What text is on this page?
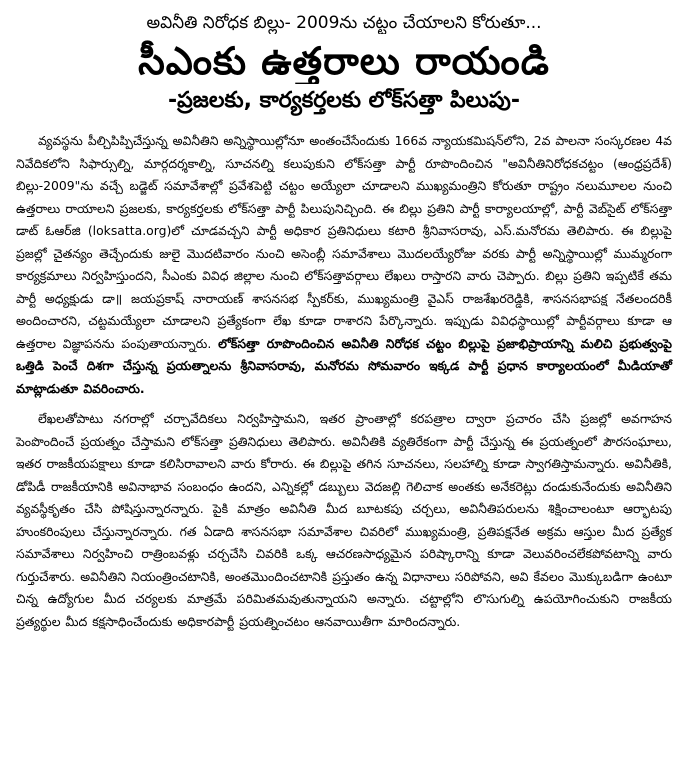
అవినీతి నిరోధక బిల్లు- 2009ను చట్టం చేయాలని కోరుతూ...
సీఎంకు ఉత్తరాలు రాయండి
-ప్రజలకు, కార్యకర్తలకు లోక్‌సత్తా పిలుపు-

వ్యవస్థను పీల్చిపిప్పిచేస్తున్న అవినీతిని అన్నిస్థాయిల్లోనూ అంతంచేసేందుకు 166వ న్యాయకమిషన్‌లోని, 2వ పాలనా సంస్కరణల 4వ నివేదికలోని సిఫార్సుల్ని, మార్గదర్శకాల్ని, సూచనల్ని కలుపుకుని లోక్‌సత్తా పార్టీ రూపొందించిన "అవినీతినిరోధకచట్టం (ఆంధ్రప్రదేశ్) బిల్లు-2009"ను వచ్చే బడ్జెట్ సమావేశాల్లో ప్రవేశపెట్టి చట్టం అయ్యేలా చూడాలని ముఖ్యమంత్రిని కోరుతూ రాష్ట్రం నలుమూలల నుంచి ఉత్తరాలు రాయాలని ప్రజలకు, కార్యకర్తలకు లోక్‌సత్తా పార్టీ పిలుపునిచ్చింది. ఈ బిల్లు ప్రతిని పార్టీ కార్యాలయాల్లో, పార్టీ వెబ్‌సైట్ లోక్‌సత్తా డాట్ ఓఆర్‌జి (loksatta.org)లో చూడవచ్చని పార్టీ అధికార ప్రతినిధులు కటారి శ్రీనివాసరావు, ఎస్.మనోరమ తెలిపారు. ఈ బిల్లుపై ప్రజల్లో చైతన్యం తెచ్చేందుకు జులై మొదటివారం నుంచి అసెంబ్లీ సమావేశాలు మొదలయ్యేరోజు వరకు పార్టీ అన్నిస్థాయిల్లో ముమ్మరంగా కార్యక్రమాలు నిర్వహిస్తుందని, సీఎంకు వివిధ జిల్లాల నుంచి లోక్‌సత్తావర్గాలు లేఖలు రాస్తారని వారు చెప్పారు. బిల్లు ప్రతిని ఇప్పటికే తమ పార్టీ అధ్యక్షుడు డా॥ జయప్రకాష్ నారాయణ్ శాసనసభ స్పీకర్‌కు, ముఖ్యమంత్రి వైఎస్ రాజశేఖరరెడ్డికి, శాసనసభాపక్ష నేతలందరికీ అందించారని, చట్టమయ్యేలా చూడాలని ప్రత్యేకంగా లేఖ కూడా రాశారని పేర్కొన్నారు. ఇప్పుడు వివిధస్థాయిల్లో పార్టీవర్గాలు కూడా ఆ ఉత్తరాల విజ్ఞాపనను పంపుతాయన్నారు. లోక్‌సత్తా రూపొందించిన అవినీతి నిరోధక చట్టం బిల్లుపై ప్రజాభిప్రాయాన్ని మలిచి ప్రభుత్వంపై ఒత్తిడి పెంచే దిశగా చేస్తున్న ప్రయత్నాలను శ్రీనివాసరావు, మనోరమ సోమవారం ఇక్కడ పార్టీ ప్రధాన కార్యాలయంలో మీడియాతో మాట్లాడుతూ వివరించారు.

లేఖలతోపాటు నగరాల్లో చర్చావేదికలు నిర్వహిస్తామని, ఇతర ప్రాంతాల్లో కరపత్రాల ద్వారా ప్రచారం చేసి ప్రజల్లో అవగాహన పెంపొందించే ప్రయత్నం చేస్తామని లోక్‌సత్తా ప్రతినిధులు తెలిపారు. అవినీతికి వ్యతిరేకంగా పార్టీ చేస్తున్న ఈ ప్రయత్నంలో పౌరసంఘాలు, ఇతర రాజకీయపక్షాలు కూడా కలిసిరావాలని వారు కోరారు. ఈ బిల్లుపై తగిన సూచనలు, సలహాల్ని కూడా స్వాగతిస్తామన్నారు. అవినీతికి, డోపిడీ రాజకీయానికి అవినాభావ సంబంధం ఉందని, ఎన్నికల్లో డబ్బులు వెదజల్లి గెలిచాక అంతకు అనేకరెట్లు దండుకునేందుకు అవినీతిని వ్యవస్థీకృతం చేసి పోషిస్తున్నారన్నారు. పైకి మాత్రం అవినీతి మీద బూటకపు చర్చలు, అవినీతిపరులను శిక్షించాలంటూ ఆర్భాటపు హుంకరింపులు చేస్తున్నారన్నారు. గత ఏడాది శాసనసభా సమావేశాల చివరిలో ముఖ్యమంత్రి, ప్రతిపక్షనేత అక్రమ ఆస్తుల మీద ప్రత్యేక సమావేశాలు నిర్వహించి రాత్రింబవళ్లు చర్చచేసి చివరికి ఒక్క ఆచరణసాధ్యమైన పరిష్కారాన్ని కూడా వెలువరించలేకపోవటాన్ని వారు గుర్తుచేశారు. అవినీతిని నియంత్రించటానికి, అంతమొందించటానికి ప్రస్తుతం ఉన్న విధానాలు సరిపోవని, అవి కేవలం మొక్కుబడిగా ఉంటూ చిన్న ఉద్యోగుల మీద చర్యలకు మాత్రమే పరిమితమవుతున్నాయని అన్నారు. చట్టాల్లోని లొసుగుల్ని ఉపయోగించుకుని రాజకీయ ప్రత్యర్థుల మీద కక్షసాధించేందుకు అధికారపార్టీ ప్రయత్నించటం ఆనవాయితీగా మారిందన్నారు.
